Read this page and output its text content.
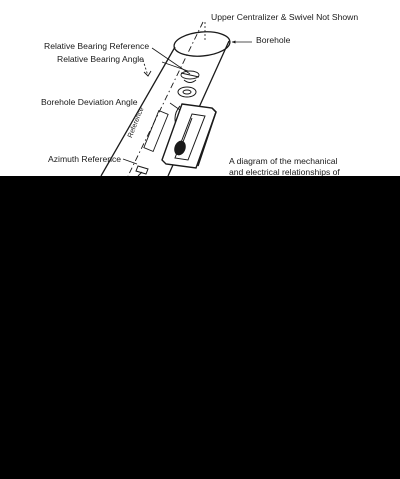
Upper Centralizer & Swivel Not Shown

Borehole

Relative Bearing Reference

Relative Bearing Angle

Borehole Deviation Angle

Azimuth Reference

Reference

A diagram of the mechanical
and electrical relationships of
